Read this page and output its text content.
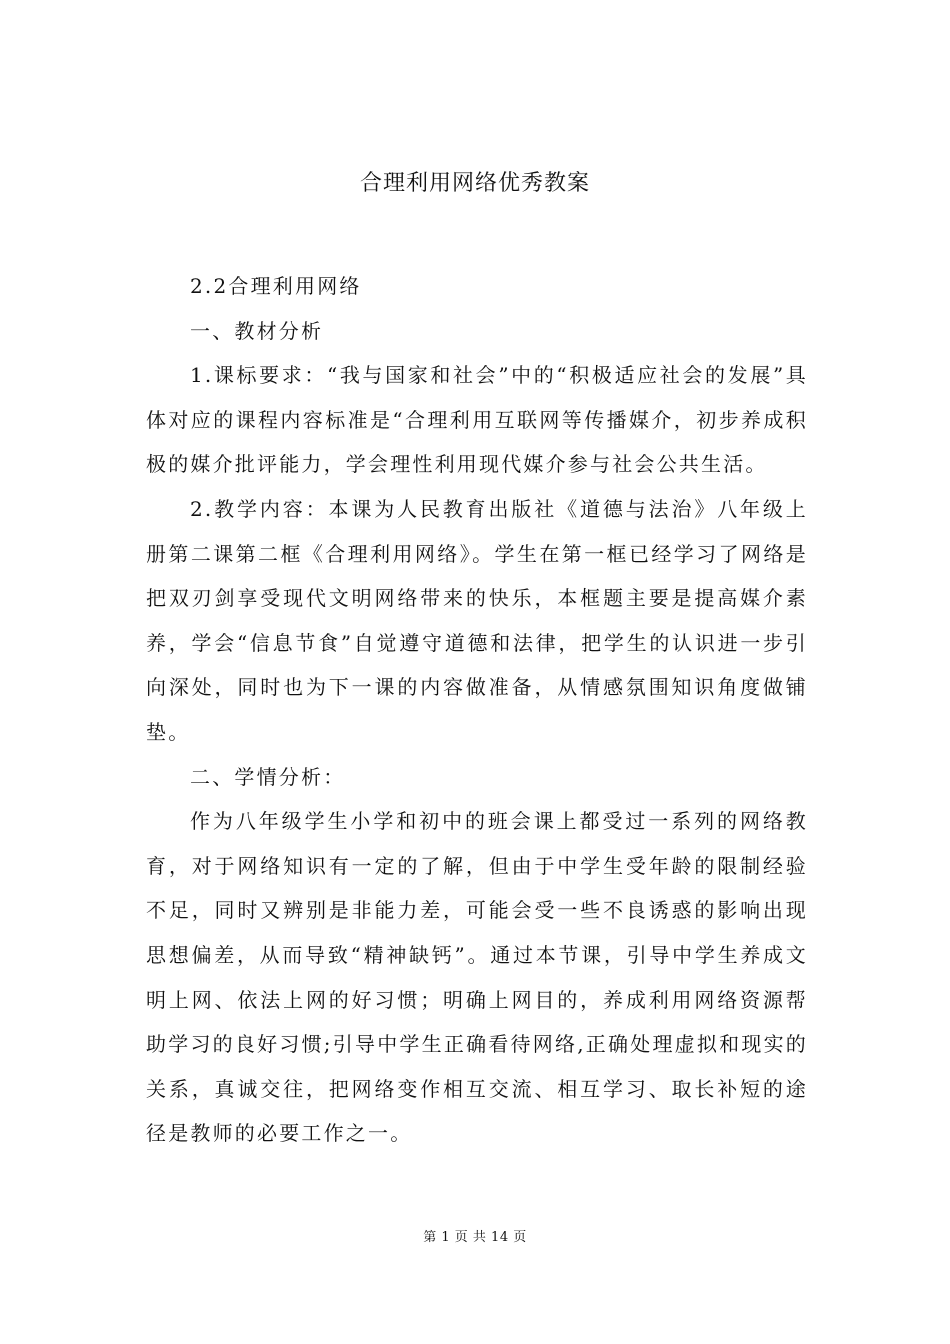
合理利用网络优秀教案

2.2合理利用网络

一、教材分析

1.课标要求：“我与国家和社会”中的“积极适应社会的发展”具体对应的课程内容标准是“合理利用互联网等传播媒介，初步养成积极的媒介批评能力，学会理性利用现代媒介参与社会公共生活。

2.教学内容：本课为人民教育出版社《道德与法治》八年级上册第二课第二框《合理利用网络》。学生在第一框已经学习了网络是把双刃剑享受现代文明网络带来的快乐，本框题主要是提高媒介素养，学会“信息节食”自觉遵守道德和法律，把学生的认识进一步引向深处，同时也为下一课的内容做准备，从情感氛围知识角度做铺垫。

二、学情分析：

作为八年级学生小学和初中的班会课上都受过一系列的网络教育，对于网络知识有一定的了解，但由于中学生受年龄的限制经验不足，同时又辨别是非能力差，可能会受一些不良诱惑的影响出现思想偏差，从而导致“精神缺钙”。通过本节课，引导中学生养成文明上网、依法上网的好习惯；明确上网目的，养成利用网络资源帮助学习的良好习惯;引导中学生正确看待网络,正确处理虚拟和现实的关系，真诚交往，把网络变作相互交流、相互学习、取长补短的途径是教师的必要工作之一。

第 1 页 共 14 页
